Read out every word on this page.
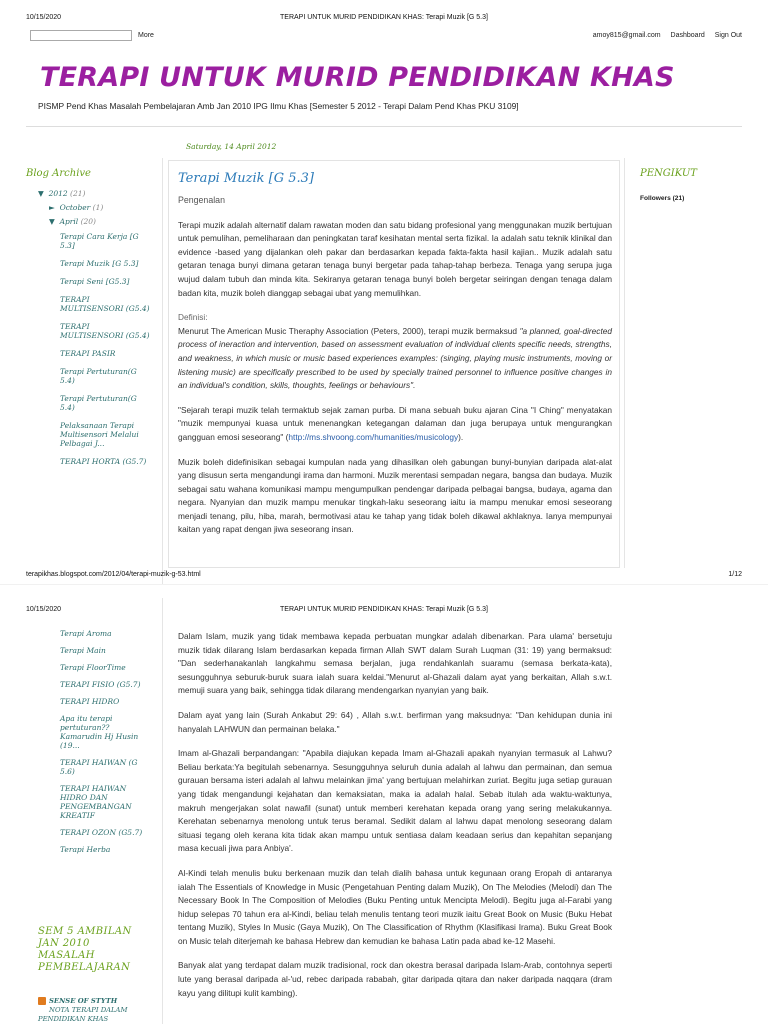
10/15/2020	TERAPI UNTUK MURID PENDIDIKAN KHAS: Terapi Muzik [G 5.3]
More	amoy815@gmail.com Dashboard Sign Out
TERAPI UNTUK MURID PENDIDIKAN KHAS
PISMP Pend Khas Masalah Pembelajaran Amb Jan 2010 IPG Ilmu Khas [Semester 5 2012 - Terapi Dalam Pend Khas PKU 3109]
Blog Archive
▼ 2012 (21)
► October (1)
▼ April (20)
Terapi Cara Kerja [G 5.3]
Terapi Muzik [G 5.3]
Terapi Seni [G5.3]
TERAPI MULTISENSORI (G5.4)
TERAPI MULTISENSORI (G5.4)
TERAPI PASIR
Terapi Pertuturan(G 5.4)
Terapi Pertuturan(G 5.4)
Pelaksanaan Terapi Multisensori Melalui Pelbagai J...
TERAPI HORTA (G5.7)
Saturday, 14 April 2012
Terapi Muzik [G 5.3]

Pengenalan

Terapi muzik adalah alternatif dalam rawatan moden dan satu bidang profesional yang menggunakan muzik bertujuan untuk pemulihan, pemeliharaan dan peningkatan taraf kesihatan mental serta fizikal. Ia adalah satu teknik klinikal dan evidence -based yang dijalankan oleh pakar dan berdasarkan kepada fakta-fakta hasil kajian.. Muzik adalah satu getaran tenaga bunyi dimana getaran tenaga bunyi bergetar pada tahap-tahap berbeza. Tenaga yang serupa juga wujud dalam tubuh dan minda kita. Sekiranya getaran tenaga bunyi boleh bergetar seiringan dengan tenaga dalam badan kita, muzik boleh dianggap sebagai ubat yang memulihkan.

Definisi:

Menurut The American Music Theraphy Association (Peters, 2000), terapi muzik bermaksud "a planned, goal-directed process of ineraction and intervention, based on assessment evaluation of individual clients specific needs, strengths, and weakness, in which music or music based experiences examples: (singing, playing music instruments, moving or listening music) are specifically prescribed to be used by specially trained personnel to influence positive changes in an individual's condition, skills, thoughts, feelings or behaviours".

"Sejarah terapi muzik telah termaktub sejak zaman purba. Di mana sebuah buku ajaran Cina "I Ching" menyatakan "muzik mempunyai kuasa untuk menenangkan ketegangan dalaman dan juga berupaya untuk mengurangkan gangguan emosi seseorang" (http://ms.shvoong.com/humanities/musicology).

Muzik boleh didefinisikan sebagai kumpulan nada yang dihasilkan oleh gabungan bunyi-bunyian daripada alat-alat yang disusun serta mengandungi irama dan harmoni. Muzik merentasi sempadan negara, bangsa dan budaya. Muzik sebagai satu wahana komunikasi mampu mengumpulkan pendengar daripada pelbagai bangsa, budaya, agama dan negara. Nyanyian dan muzik mampu menukar tingkah-laku seseorang iaitu ia mampu menukar emosi seseorang menjadi tenang, pilu, hiba, marah, bermotivasi atau ke tahap yang tidak boleh dikawal akhlaknya. Ianya mempunyai kaitan yang rapat dengan jiwa seseorang insan.

PENGIKUT
Followers (21)
terapikhas.blogspot.com/2012/04/terapi-muzik-g-53.html	1/12
10/15/2020	TERAPI UNTUK MURID PENDIDIKAN KHAS: Terapi Muzik [G 5.3]
Terapi Aroma
Terapi Main
Terapi FloorTime
TERAPI FISIO (G5.7)
TERAPI HIDRO
Apa itu terapi pertuturan?? Kamarudin Hj Husin (19...
TERAPI HAIWAN (G 5.6)
TERAPI HAIWAN HIDRO DAN PENGEMBANGAN KREATIF
TERAPI OZON (G5.7)
Terapi Herba
SEM 5 AMBILAN JAN 2010 MASALAH PEMBELAJARAN
SENSE OF STYTH
NOTA TERAPI DALAM PENDIDIKAN KHAS

Dalam Islam, muzik yang tidak membawa kepada perbuatan mungkar adalah dibenarkan. Para ulama' bersetuju muzik tidak dilarang Islam berdasarkan kepada firman Allah SWT dalam Surah Luqman (31: 19) yang bermaksud: "Dan sederhanakanlah langkahmu semasa berjalan, juga rendahkanlah suaramu (semasa berkata-kata), sesungguhnya seburuk-buruk suara ialah suara keldai."Menurut al-Ghazali dalam ayat yang berkaitan, Allah s.w.t. memuji suara yang baik, sehingga tidak dilarang mendengarkan nyanyian yang baik.

Dalam ayat yang lain (Surah Ankabut 29: 64) , Allah s.w.t. berfirman yang maksudnya: "Dan kehidupan dunia ini hanyalah LAHWUN dan permainan belaka."

Imam al-Ghazali berpandangan: "Apabila diajukan kepada Imam al-Ghazali apakah nyanyian termasuk al Lahwu? Beliau berkata:Ya begitulah sebenarnya. Sesungguhnya seluruh dunia adalah al lahwu dan permainan, dan semua gurauan bersama isteri adalah al lahwu melainkan jima' yang bertujuan melahirkan zuriat. Begitu juga setiap gurauan yang tidak mengandungi kejahatan dan kemaksiatan, maka ia adalah halal. Sebab itulah ada waktu-waktunya, makruh mengerjakan solat nawafil (sunat) untuk memberi kerehatan kepada orang yang sering melakukannya. Kerehatan sebenarnya menolong untuk terus beramal. Sedikit dalam al lahwu dapat menolong seseorang dalam situasi tegang oleh kerana kita tidak akan mampu untuk sentiasa dalam keadaan serius dan kepahitan sepanjang masa kecuali jiwa para Anbiya'.

Al-Kindi telah menulis buku berkenaan muzik dan telah dialih bahasa untuk kegunaan orang Eropah di antaranya ialah The Essentials of Knowledge in Music (Pengetahuan Penting dalam Muzik), On The Melodies (Melodi) dan The Necessary Book In The Composition of Melodies (Buku Penting untuk Mencipta Melodi). Begitu juga al-Farabi yang hidup selepas 70 tahun era al-Kindi, beliau telah menulis tentang teori muzik iaitu Great Book on Music (Buku Hebat tentang Muzik), Styles In Music (Gaya Muzik), On The Classification of Rhythm (Klasifikasi Irama). Buku Great Book on Music telah diterjemah ke bahasa Hebrew dan kemudian ke bahasa Latin pada abad ke-12 Masehi.

Banyak alat yang terdapat dalam muzik tradisional, rock dan okestra berasal daripada Islam-Arab, contohnya seperti lute yang berasal daripada al-'ud, rebec daripada rababah, gitar daripada qitara dan naker daripada naqqara (dram kayu yang dilitupi kulit kambing).
